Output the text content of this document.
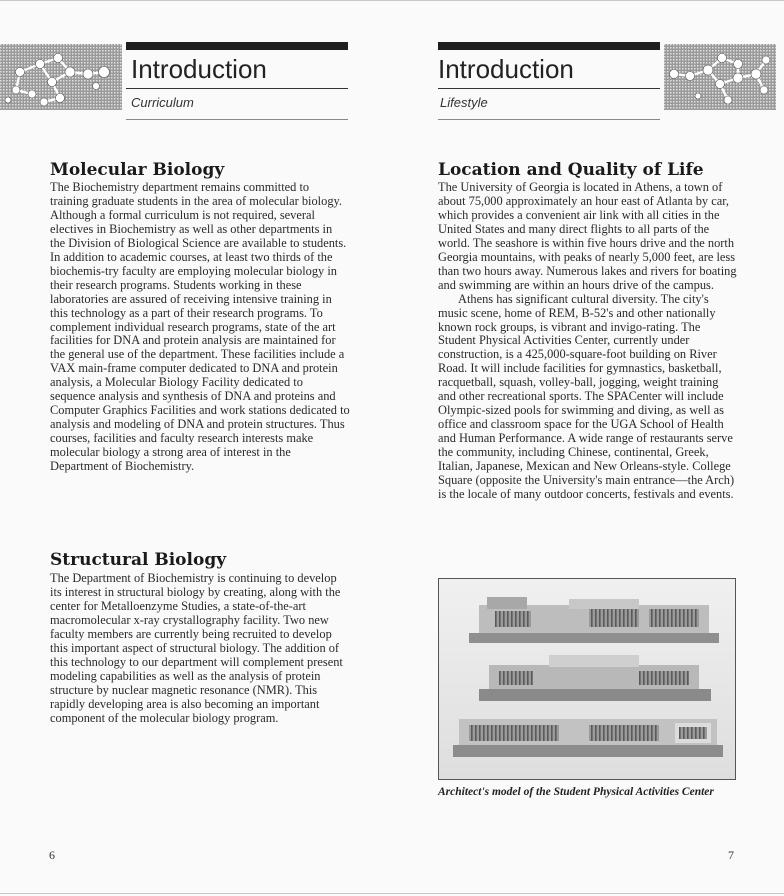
Introduction
Curriculum
Molecular Biology

The Biochemistry department remains committed to training graduate students in the area of molecular biology. Although a formal curriculum is not required, several electives in Biochemistry as well as other departments in the Division of Biological Science are available to students. In addition to academic courses, at least two thirds of the biochemis-try faculty are employing molecular biology in their research programs. Students working in these laboratories are assured of receiving intensive training in this technology as a part of their research programs. To complement individual research programs, state of the art facilities for DNA and protein analysis are maintained for the general use of the department. These facilities include a VAX main-frame computer dedicated to DNA and protein analysis, a Molecular Biology Facility dedicated to sequence analysis and synthesis of DNA and proteins and Computer Graphics Facilities and work stations dedicated to analysis and modeling of DNA and protein structures. Thus courses, facilities and faculty research interests make molecular biology a strong area of interest in the Department of Biochemistry.

Structural Biology

The Department of Biochemistry is continuing to develop its interest in structural biology by creating, along with the center for Metalloenzyme Studies, a state-of-the-art macromolecular x-ray crystallography facility. Two new faculty members are currently being recruited to develop this important aspect of structural biology. The addition of this technology to our department will complement present modeling capabilities as well as the analysis of protein structure by nuclear magnetic resonance (NMR). This rapidly developing area is also becoming an important component of the molecular biology program.

6
Introduction
Lifestyle
Location and Quality of Life

The University of Georgia is located in Athens, a town of about 75,000 approximately an hour east of Atlanta by car, which provides a convenient air link with all cities in the United States and many direct flights to all parts of the world. The seashore is within five hours drive and the north Georgia mountains, with peaks of nearly 5,000 feet, are less than two hours away. Numerous lakes and rivers for boating and swimming are within an hours drive of the campus.

Athens has significant cultural diversity. The city's music scene, home of REM, B-52's and other nationally known rock groups, is vibrant and invigo-rating. The Student Physical Activities Center, currently under construction, is a 425,000-square-foot building on River Road. It will include facilities for gymnastics, basketball, racquetball, squash, volley-ball, jogging, weight training and other recreational sports. The SPACenter will include Olympic-sized pools for swimming and diving, as well as office and classroom space for the UGA School of Health and Human Performance. A wide range of restaurants serve the community, including Chinese, continental, Greek, Italian, Japanese, Mexican and New Orleans-style. College Square (opposite the University's main entrance—the Arch) is the locale of many outdoor concerts, festivals and events.

Architect's model of the Student Physical Activities Center
7
